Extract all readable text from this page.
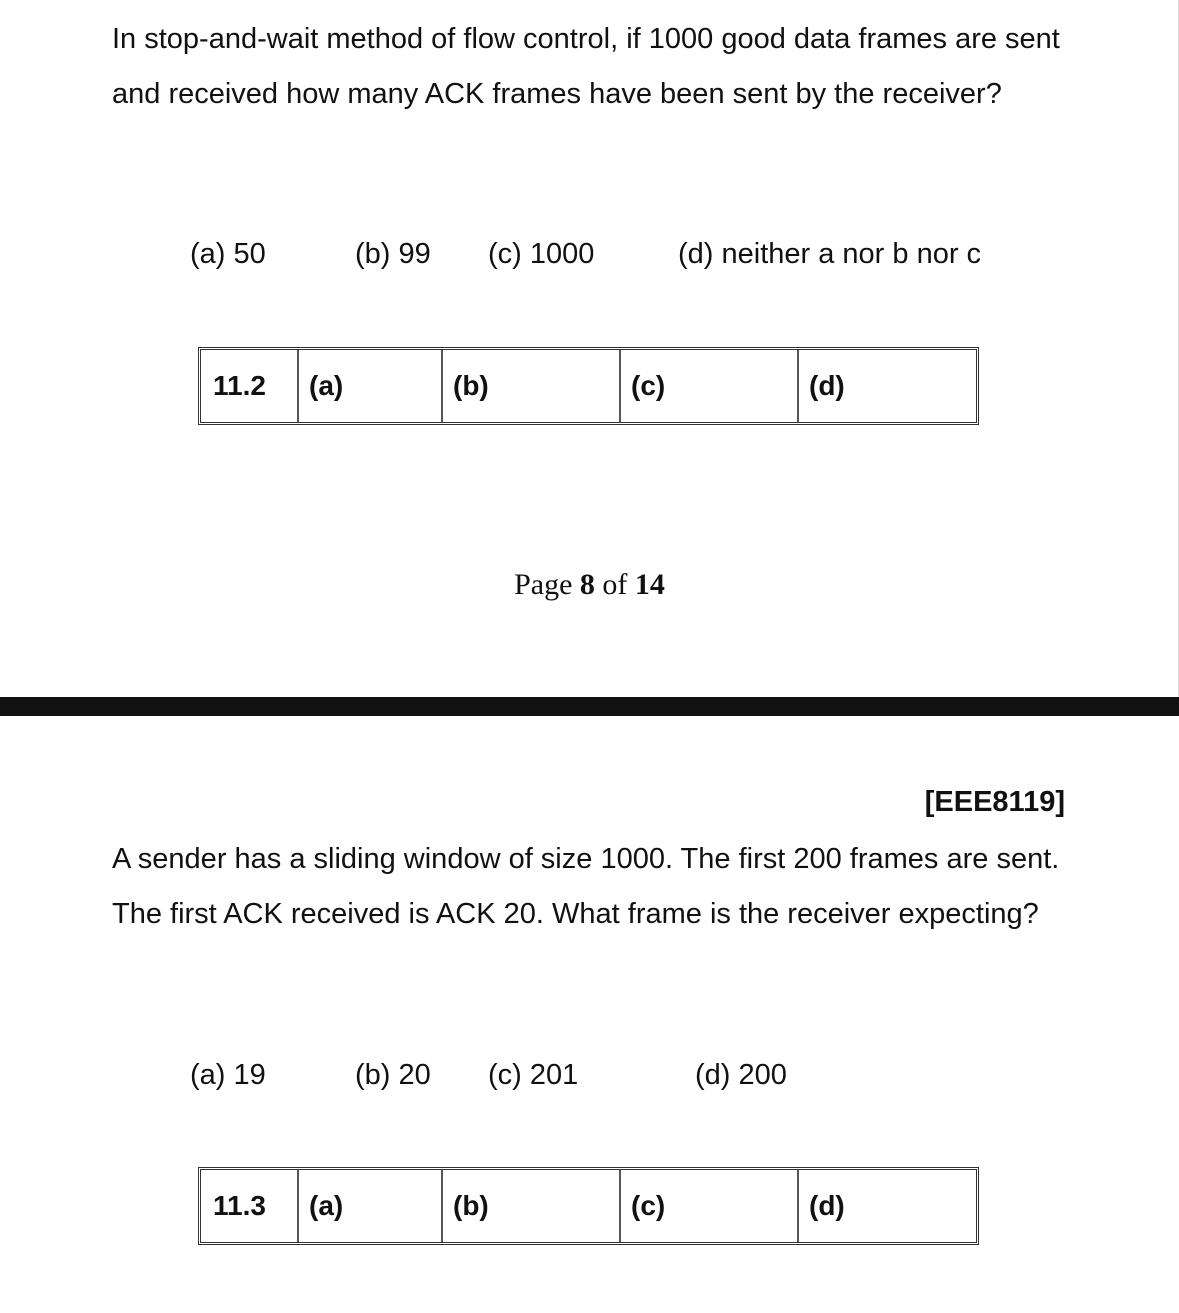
In stop-and-wait method of flow control, if 1000 good data frames are sent and received how many ACK frames have been sent by the receiver?

(a) 50	(b) 99 (c) 1000	(d) neither a nor b nor c
11.2	(a)	(b)	(c)	(d)
Page 8 of 14
[EEE8119]

A sender has a sliding window of size 1000. The first 200 frames are sent. The first ACK received is ACK 20. What frame is the receiver expecting?

(a) 19	(b) 20 (c) 201	(d) 200
11.3	(a)	(b)	(c)	(d)
